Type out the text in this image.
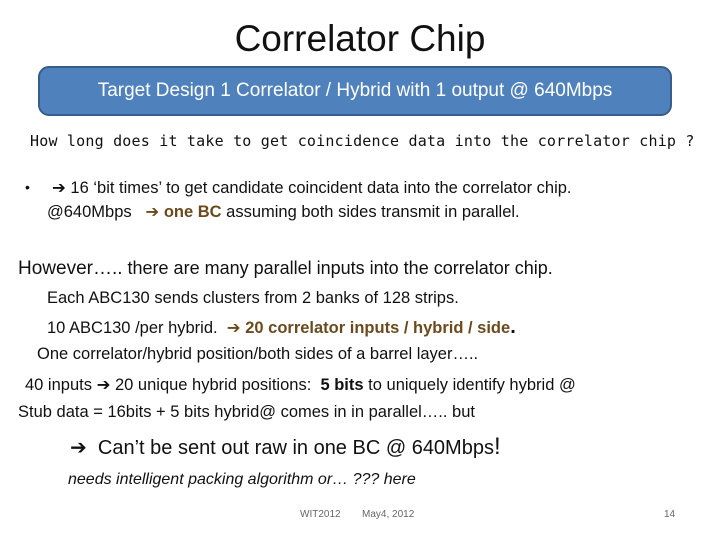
Correlator Chip
Target Design 1 Correlator / Hybrid with 1 output @ 640Mbps
How long does it take to get coincidence data into the correlator chip ?
• ➔ 16 ‘bit times’ to get candidate coincident data into the correlator chip.
@640Mbps ➔ one BC assuming both sides transmit in parallel.
However….. there are many parallel inputs into the correlator chip.
Each ABC130 sends clusters from 2 banks of 128 strips.
10 ABC130 /per hybrid. ➔ 20 correlator inputs / hybrid / side.
One correlator/hybrid position/both sides of a barrel layer…..
40 inputs ➔ 20 unique hybrid positions: 5 bits to uniquely identify hybrid @
Stub data = 16bits + 5 bits hybrid@ comes in in parallel….. but
➔ Can’t be sent out raw in one BC @ 640Mbps!
needs intelligent packing algorithm or… ??? here
WIT2012 May4, 2012	14
